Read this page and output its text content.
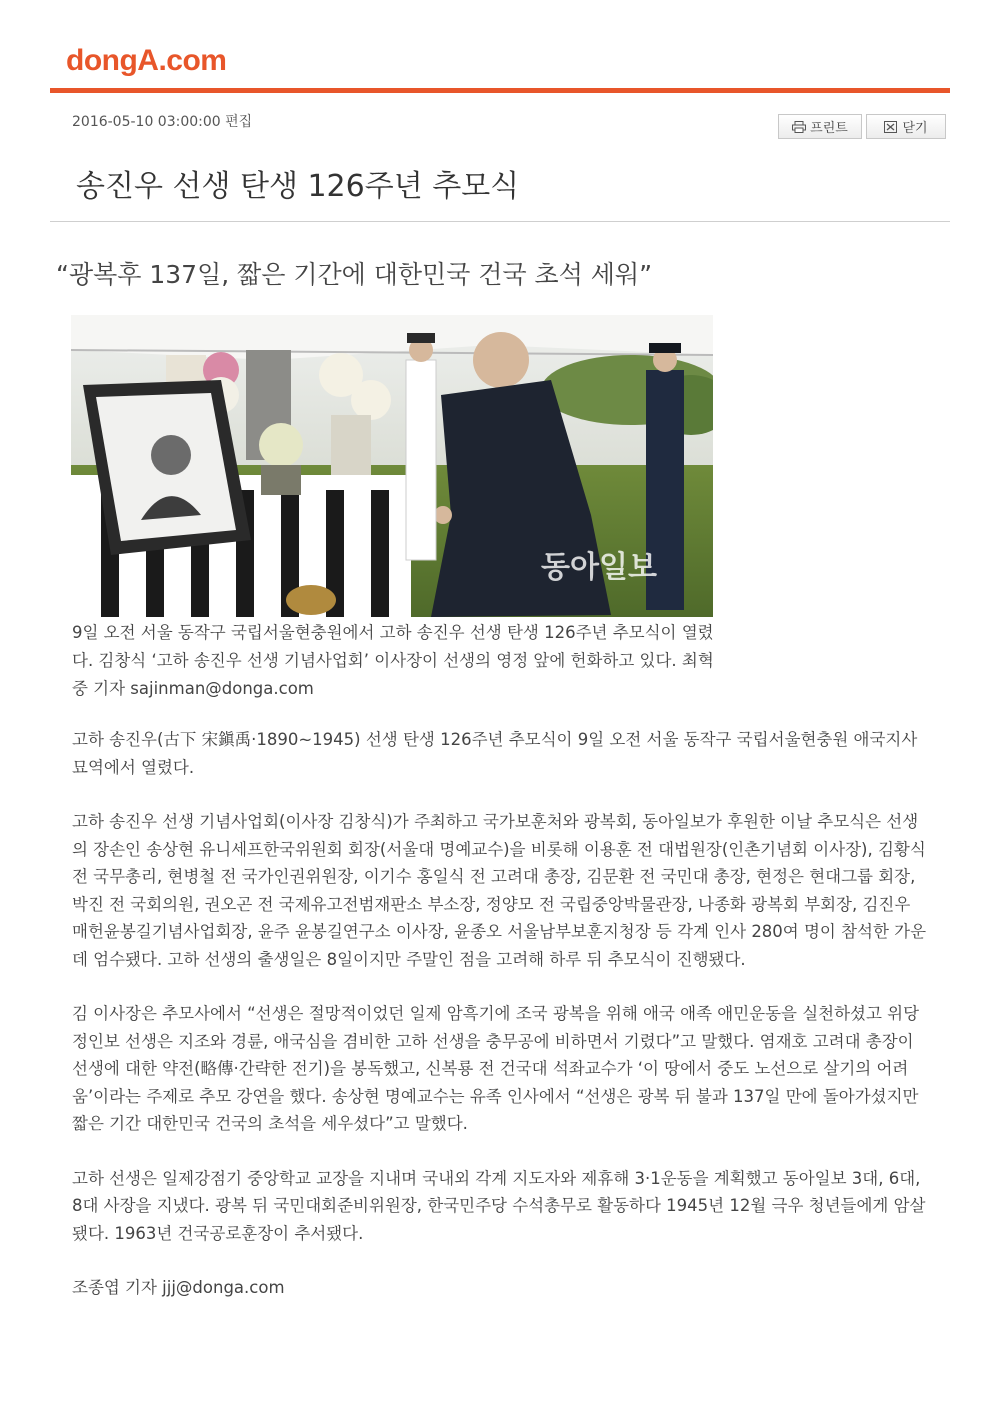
dongA.com
2016-05-10 03:00:00 편집	프린트	닫기
송진우 선생 탄생 126주년 추모식
“광복후 137일, 짧은 기간에 대한민국 건국 초석 세워”
동아일보
9일 오전 서울 동작구 국립서울현충원에서 고하 송진우 선생 탄생 126주년 추모식이 열렸다. 김창식 ‘고하 송진우 선생 기념사업회’ 이사장이 선생의 영정 앞에 헌화하고 있다. 최혁중 기자 sajinman@donga.com

고하 송진우(古下 宋鎭禹·1890∼1945) 선생 탄생 126주년 추모식이 9일 오전 서울 동작구 국립서울현충원 애국지사 묘역에서 열렸다.

고하 송진우 선생 기념사업회(이사장 김창식)가 주최하고 국가보훈처와 광복회, 동아일보가 후원한 이날 추모식은 선생의 장손인 송상현 유니세프한국위원회 회장(서울대 명예교수)을 비롯해 이용훈 전 대법원장(인촌기념회 이사장), 김황식 전 국무총리, 현병철 전 국가인권위원장, 이기수 홍일식 전 고려대 총장, 김문환 전 국민대 총장, 현정은 현대그룹 회장, 박진 전 국회의원, 권오곤 전 국제유고전범재판소 부소장, 정양모 전 국립중앙박물관장, 나종화 광복회 부회장, 김진우 매헌윤봉길기념사업회장, 윤주 윤봉길연구소 이사장, 윤종오 서울남부보훈지청장 등 각계 인사 280여 명이 참석한 가운데 엄수됐다. 고하 선생의 출생일은 8일이지만 주말인 점을 고려해 하루 뒤 추모식이 진행됐다.

김 이사장은 추모사에서 “선생은 절망적이었던 일제 암흑기에 조국 광복을 위해 애국 애족 애민운동을 실천하셨고 위당 정인보 선생은 지조와 경륜, 애국심을 겸비한 고하 선생을 충무공에 비하면서 기렸다”고 말했다. 염재호 고려대 총장이 선생에 대한 약전(略傳·간략한 전기)을 봉독했고, 신복룡 전 건국대 석좌교수가 ‘이 땅에서 중도 노선으로 살기의 어려움’이라는 주제로 추모 강연을 했다. 송상현 명예교수는 유족 인사에서 “선생은 광복 뒤 불과 137일 만에 돌아가셨지만 짧은 기간 대한민국 건국의 초석을 세우셨다”고 말했다.

고하 선생은 일제강점기 중앙학교 교장을 지내며 국내외 각계 지도자와 제휴해 3·1운동을 계획했고 동아일보 3대, 6대, 8대 사장을 지냈다. 광복 뒤 국민대회준비위원장, 한국민주당 수석총무로 활동하다 1945년 12월 극우 청년들에게 암살됐다. 1963년 건국공로훈장이 추서됐다.

조종엽 기자 jjj@donga.com
